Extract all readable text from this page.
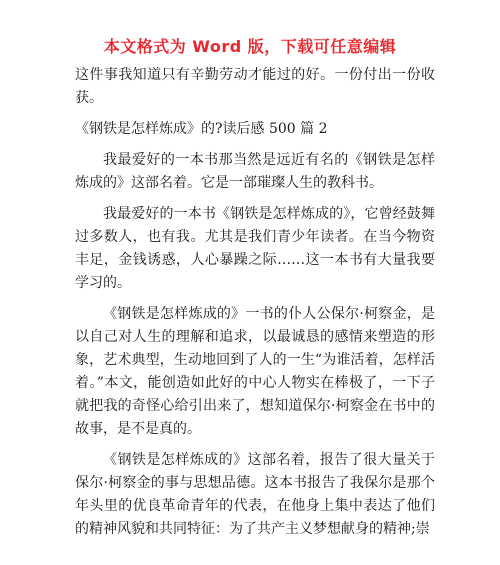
本文格式为 Word 版，下载可任意编辑

这件事我知道只有辛勤劳动才能过的好。一份付出一份收获。

《钢铁是怎样炼成》的?读后感 500 篇 2

我最爱好的一本书那当然是远近有名的《钢铁是怎样炼成的》这部名着。它是一部璀璨人生的教科书。

我最爱好的一本书《钢铁是怎样炼成的》，它曾经鼓舞过多数人，也有我。尤其是我们青少年读者。在当今物资丰足，金钱诱惑，人心暴躁之际……这一本书有大量我要学习的。

《钢铁是怎样炼成的》一书的仆人公保尔·柯察金，是以自己对人生的理解和追求，以最诚恳的感情来塑造的形象，艺术典型，生动地回到了人的一生“为谁活着，怎样活着。”本文，能创造如此好的中心人物实在棒极了，一下子就把我的奇怪心给引出来了，想知道保尔·柯察金在书中的故事，是不是真的。

《钢铁是怎样炼成的》这部名着，报告了很大量关于保尔·柯察金的事与思想品德。这本书报告了我保尔是那个年头里的优良革命青年的代表，在他身上集中表达了他们的精神风貌和共同特征：为了共产主义梦想献身的精神;崇
